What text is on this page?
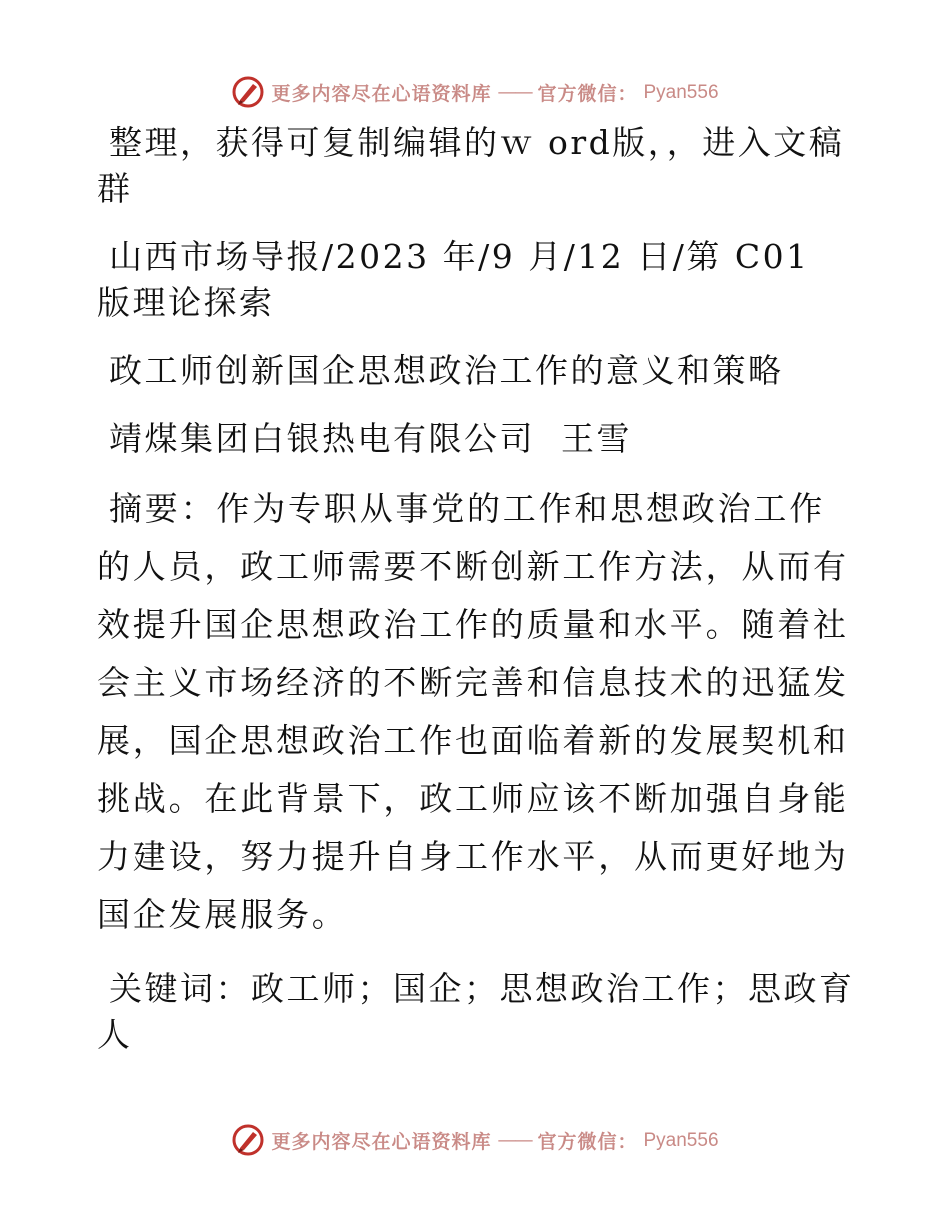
更多内容尽在心语资料库 —— 官方微信： Pyan556

整理，获得可复制编辑的ｗ ord版，，进入文稿群

山西市场导报/2023 年/9 月/12 日/第 C01 版理论探索

政工师创新国企思想政治工作的意义和策略

靖煤集团白银热电有限公司 王雪

摘要：作为专职从事党的工作和思想政治工作的人员，政工师需要不断创新工作方法，从而有效提升国企思想政治工作的质量和水平。随着社会主义市场经济的不断完善和信息技术的迅猛发展，国企思想政治工作也面临着新的发展契机和挑战。在此背景下，政工师应该不断加强自身能力建设，努力提升自身工作水平，从而更好地为国企发展服务。

关键词：政工师；国企；思想政治工作；思政育人

更多内容尽在心语资料库 —— 官方微信： Pyan556
